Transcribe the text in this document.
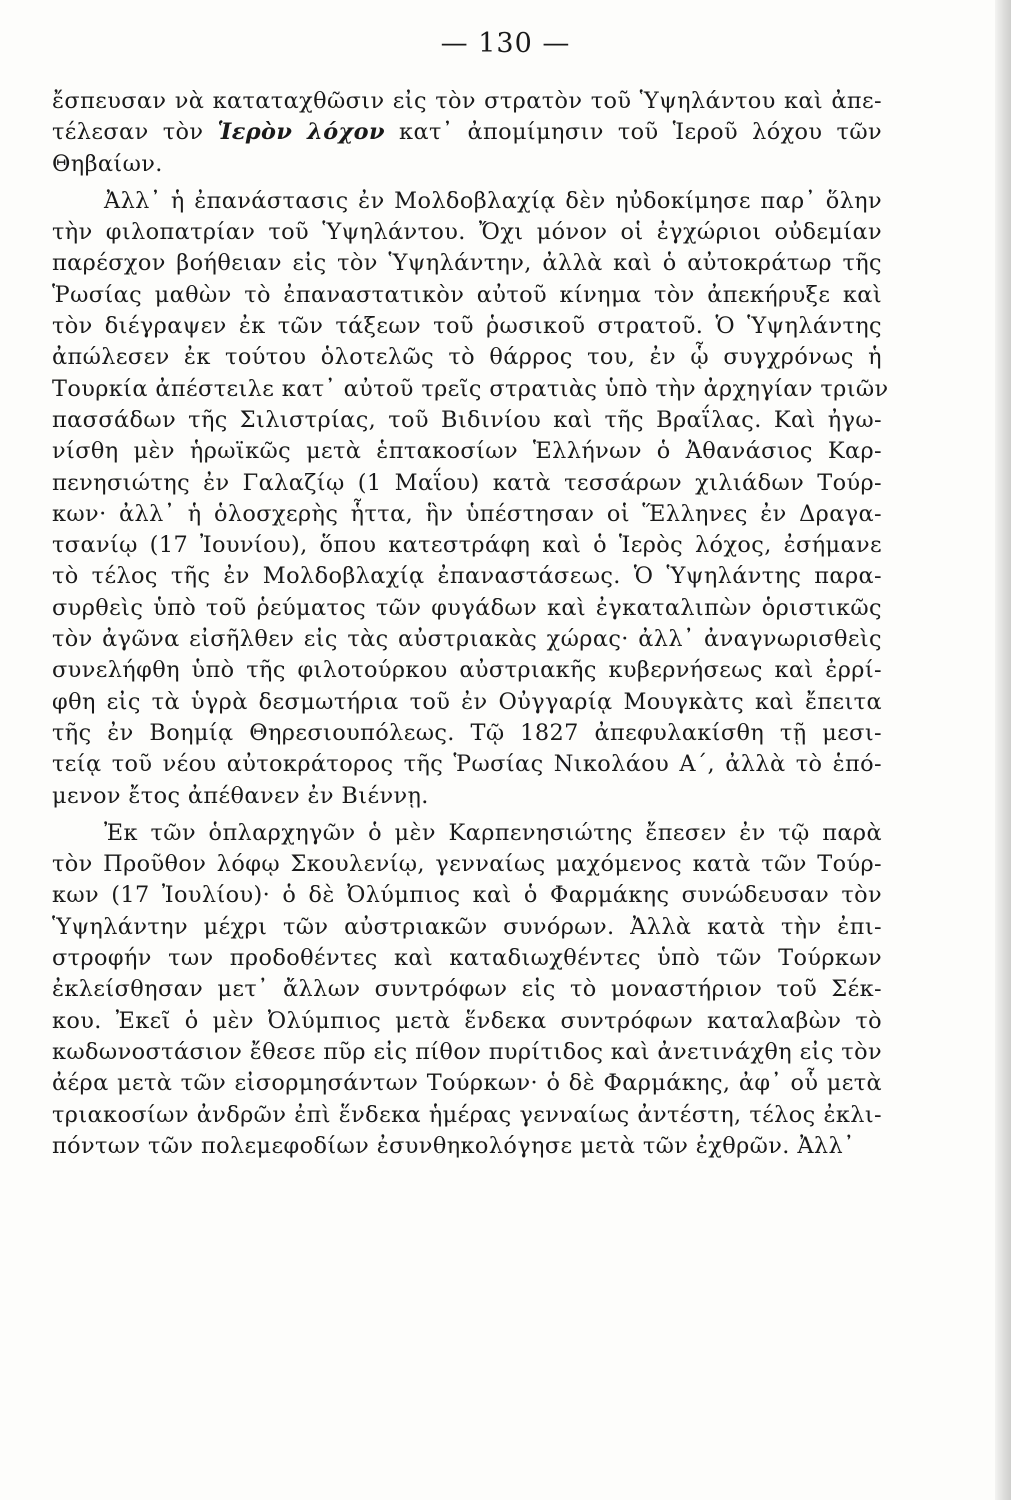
— 130 —

ἔσπευσαν νὰ καταταχθῶσιν εἰς τὸν στρατὸν τοῦ Ὑψηλάντου καὶ ἀπε-
τέλεσαν τὸν Ἱερὸν λόχον κατ᾿ ἀπομίμησιν τοῦ Ἱεροῦ λόχου τῶν
Θηβαίων.

Ἀλλ᾿ ἡ ἐπανάστασις ἐν Μολδοβλαχίᾳ δὲν ηὐδοκίμησε παρ᾿ ὅλην
τὴν φιλοπατρίαν τοῦ Ὑψηλάντου. Ὄχι μόνον οἱ ἐγχώριοι οὐδεμίαν
παρέσχον βοήθειαν εἰς τὸν Ὑψηλάντην, ἀλλὰ καὶ ὁ αὐτοκράτωρ τῆς
Ῥωσίας μαθὼν τὸ ἐπαναστατικὸν αὐτοῦ κίνημα τὸν ἀπεκήρυξε καὶ
τὸν διέγραψεν ἐκ τῶν τάξεων τοῦ ῥωσικοῦ στρατοῦ. Ὁ Ὑψηλάντης
ἀπώλεσεν ἐκ τούτου ὁλοτελῶς τὸ θάρρος του, ἐν ᾧ συγχρόνως ἡ
Τουρκία ἀπέστειλε κατ᾿ αὐτοῦ τρεῖς στρατιὰς ὑπὸ τὴν ἀρχηγίαν τριῶν
πασσάδων τῆς Σιλιστρίας, τοῦ Βιδινίου καὶ τῆς Βραΐλας. Καὶ ἠγω-
νίσθη μὲν ἡρωϊκῶς μετὰ ἑπτακοσίων Ἑλλήνων ὁ Ἀθανάσιος Καρ-
πενησιώτης ἐν Γαλαζίῳ (1 Μαΐου) κατὰ τεσσάρων χιλιάδων Τούρ-
κων· ἀλλ᾿ ἡ ὁλοσχερὴς ἧττα, ἣν ὑπέστησαν οἱ Ἕλληνες ἐν Δραγα-
τσανίῳ (17 Ἰουνίου), ὅπου κατεστράφη καὶ ὁ Ἱερὸς λόχος, ἐσήμανε
τὸ τέλος τῆς ἐν Μολδοβλαχίᾳ ἐπαναστάσεως. Ὁ Ὑψηλάντης παρα-
συρθεὶς ὑπὸ τοῦ ῥεύματος τῶν φυγάδων καὶ ἐγκαταλιπὼν ὁριστικῶς
τὸν ἀγῶνα εἰσῆλθεν εἰς τὰς αὐστριακὰς χώρας· ἀλλ᾿ ἀναγνωρισθεὶς
συνελήφθη ὑπὸ τῆς φιλοτούρκου αὐστριακῆς κυβερνήσεως καὶ ἐρρί-
φθη εἰς τὰ ὑγρὰ δεσμωτήρια τοῦ ἐν Οὐγγαρίᾳ Μουγκὰτς καὶ ἔπειτα
τῆς ἐν Βοημίᾳ Θηρεσιουπόλεως. Τῷ 1827 ἀπεφυλακίσθη τῇ μεσι-
τείᾳ τοῦ νέου αὐτοκράτορος τῆς Ῥωσίας Νικολάου Α΄, ἀλλὰ τὸ ἑπό-
μενον ἔτος ἀπέθανεν ἐν Βιέννῃ.

Ἐκ τῶν ὁπλαρχηγῶν ὁ μὲν Καρπενησιώτης ἔπεσεν ἐν τῷ παρὰ
τὸν Προῦθον λόφῳ Σκουλενίῳ, γενναίως μαχόμενος κατὰ τῶν Τούρ-
κων (17 Ἰουλίου)· ὁ δὲ Ὀλύμπιος καὶ ὁ Φαρμάκης συνώδευσαν τὸν
Ὑψηλάντην μέχρι τῶν αὐστριακῶν συνόρων. Ἀλλὰ κατὰ τὴν ἐπι-
στροφήν των προδοθέντες καὶ καταδιωχθέντες ὑπὸ τῶν Τούρκων
ἐκλείσθησαν μετ᾿ ἄλλων συντρόφων εἰς τὸ μοναστήριον τοῦ Σέκ-
κου. Ἐκεῖ ὁ μὲν Ὀλύμπιος μετὰ ἕνδεκα συντρόφων καταλαβὼν τὸ
κωδωνοστάσιον ἔθεσε πῦρ εἰς πίθον πυρίτιδος καὶ ἀνετινάχθη εἰς τὸν
ἀέρα μετὰ τῶν εἰσορμησάντων Τούρκων· ὁ δὲ Φαρμάκης, ἀφ᾿ οὗ μετὰ
τριακοσίων ἀνδρῶν ἐπὶ ἕνδεκα ἡμέρας γενναίως ἀντέστη, τέλος ἐκλι-
πόντων τῶν πολεμεφοδίων ἐσυνθηκολόγησε μετὰ τῶν ἐχθρῶν. Ἀλλ᾿
